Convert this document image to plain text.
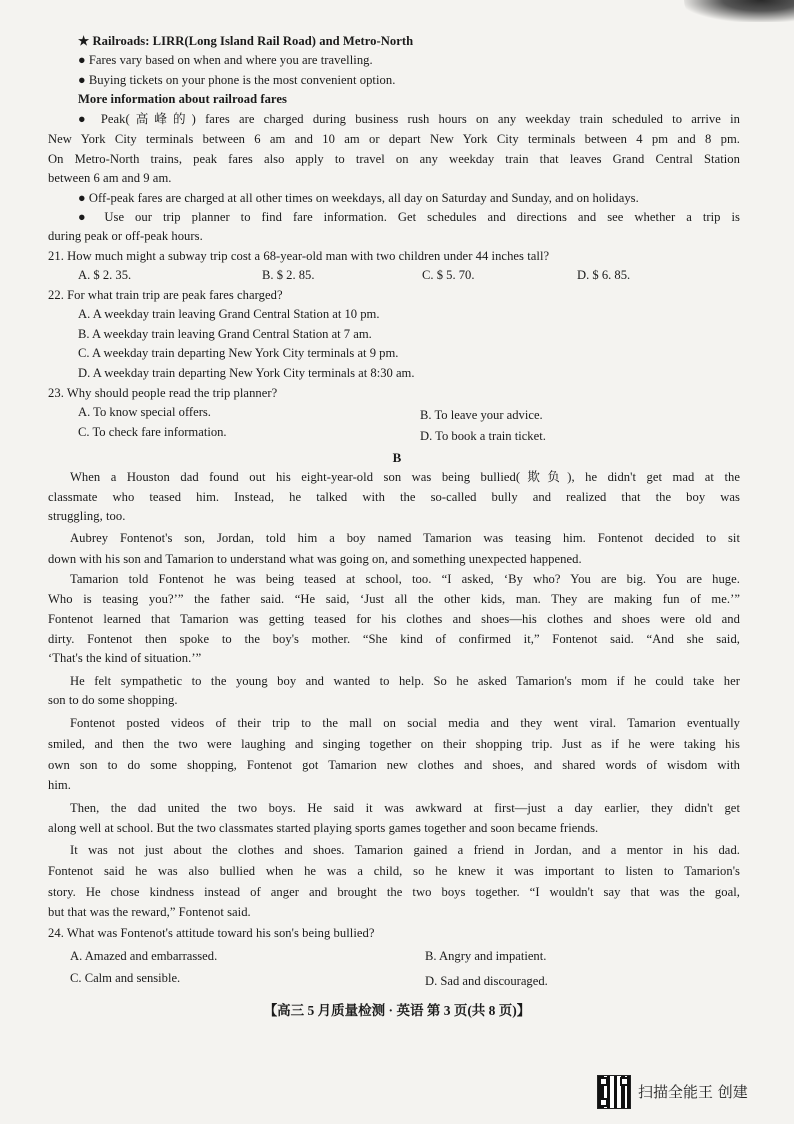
★ Railroads: LIRR(Long Island Rail Road) and Metro-North
● Fares vary based on when and where you are travelling.
● Buying tickets on your phone is the most convenient option.
More information about railroad fares
● Peak(高峰的) fares are charged during business rush hours on any weekday train scheduled to arrive in
New York City terminals between 6 am and 10 am or depart New York City terminals between 4 pm and 8 pm.
On Metro-North trains, peak fares also apply to travel on any weekday train that leaves Grand Central Station
between 6 am and 9 am.
● Off-peak fares are charged at all other times on weekdays, all day on Saturday and Sunday, and on holidays.
● Use our trip planner to find fare information. Get schedules and directions and see whether a trip is
during peak or off-peak hours.
21. How much might a subway trip cost a 68-year-old man with two children under 44 inches tall?
A. $ 2. 35.	B. $ 2. 85.	C. $ 5. 70.	D. $ 6. 85.
22. For what train trip are peak fares charged?
A. A weekday train leaving Grand Central Station at 10 pm.
B. A weekday train leaving Grand Central Station at 7 am.
C. A weekday train departing New York City terminals at 9 pm.
D. A weekday train departing New York City terminals at 8:30 am.
23. Why should people read the trip planner?
A. To know special offers.	B. To leave your advice.
C. To check fare information.	D. To book a train ticket.
B
When a Houston dad found out his eight-year-old son was being bullied(欺负), he didn't get mad at the
classmate who teased him. Instead, he talked with the so-called bully and realized that the boy was
struggling, too.
Aubrey Fontenot's son, Jordan, told him a boy named Tamarion was teasing him. Fontenot decided to sit
down with his son and Tamarion to understand what was going on, and something unexpected happened.
Tamarion told Fontenot he was being teased at school, too. “I asked, ‘By who? You are big. You are huge.
Who is teasing you?’” the father said. “He said, ‘Just all the other kids, man. They are making fun of me.’”
Fontenot learned that Tamarion was getting teased for his clothes and shoes—his clothes and shoes were old and
dirty. Fontenot then spoke to the boy's mother. “She kind of confirmed it,” Fontenot said. “And she said,
‘That's the kind of situation.’”
He felt sympathetic to the young boy and wanted to help. So he asked Tamarion's mom if he could take her
son to do some shopping.
Fontenot posted videos of their trip to the mall on social media and they went viral. Tamarion eventually
smiled, and then the two were laughing and singing together on their shopping trip. Just as if he were taking his
own son to do some shopping, Fontenot got Tamarion new clothes and shoes, and shared words of wisdom with
him.
Then, the dad united the two boys. He said it was awkward at first—just a day earlier, they didn't get
along well at school. But the two classmates started playing sports games together and soon became friends.
It was not just about the clothes and shoes. Tamarion gained a friend in Jordan, and a mentor in his dad.
Fontenot said he was also bullied when he was a child, so he knew it was important to listen to Tamarion's
story. He chose kindness instead of anger and brought the two boys together. “I wouldn't say that was the goal,
but that was the reward,” Fontenot said.
24. What was Fontenot's attitude toward his son's being bullied?
A. Amazed and embarrassed.	B. Angry and impatient.
C. Calm and sensible.	D. Sad and discouraged.
【高三 5 月质量检测 · 英语 第 3 页(共 8 页)】
扫描全能王 创建
